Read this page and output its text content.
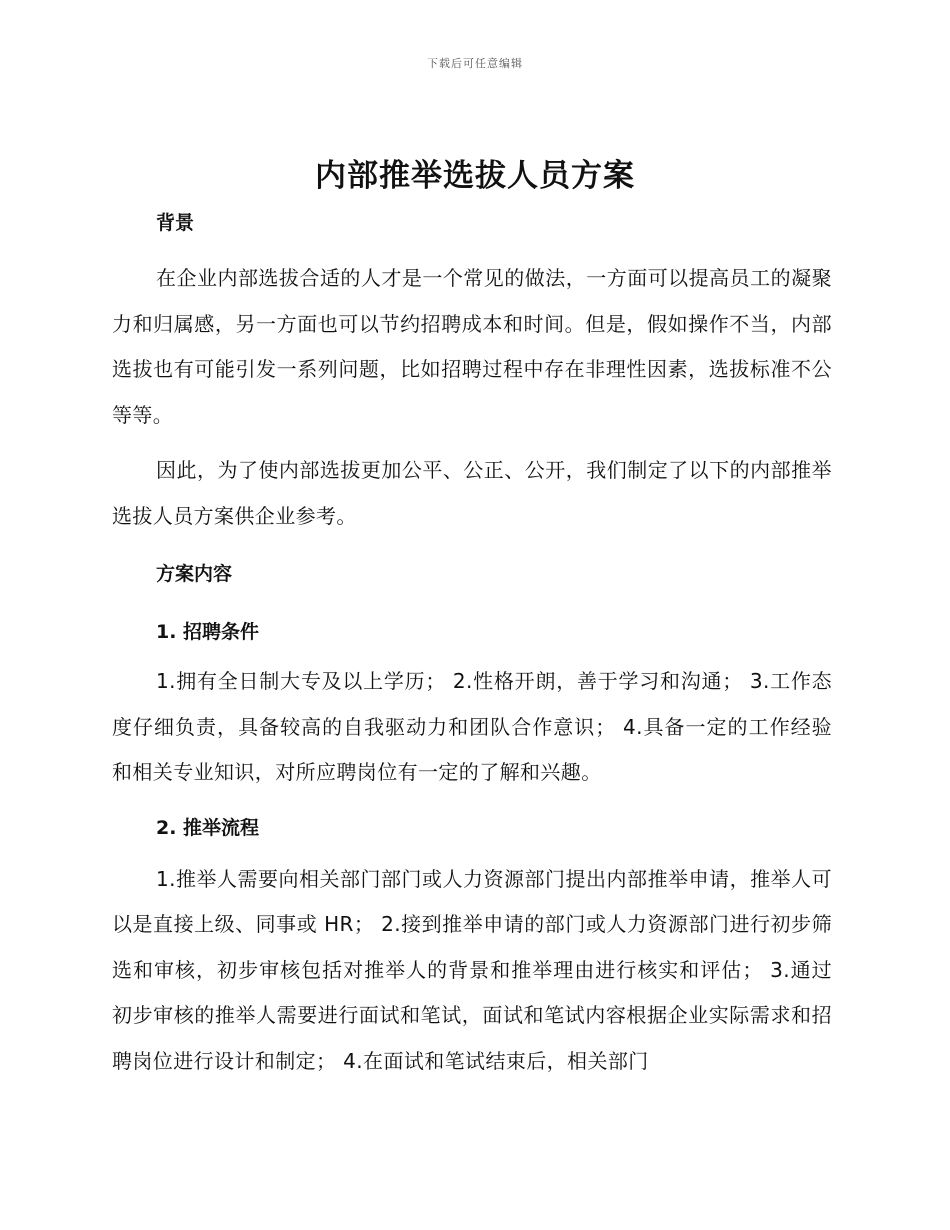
下载后可任意编辑
内部推举选拔人员方案
背景

在企业内部选拔合适的人才是一个常见的做法，一方面可以提高员工的凝聚力和归属感，另一方面也可以节约招聘成本和时间。但是，假如操作不当，内部选拔也有可能引发一系列问题，比如招聘过程中存在非理性因素，选拔标准不公等等。

因此，为了使内部选拔更加公平、公正、公开，我们制定了以下的内部推举选拔人员方案供企业参考。

方案内容
1. 招聘条件

1.拥有全日制大专及以上学历； 2.性格开朗，善于学习和沟通； 3.工作态度仔细负责，具备较高的自我驱动力和团队合作意识； 4.具备一定的工作经验和相关专业知识，对所应聘岗位有一定的了解和兴趣。

2. 推举流程

1.推举人需要向相关部门部门或人力资源部门提出内部推举申请，推举人可以是直接上级、同事或 HR； 2.接到推举申请的部门或人力资源部门进行初步筛选和审核，初步审核包括对推举人的背景和推举理由进行核实和评估； 3.通过初步审核的推举人需要进行面试和笔试，面试和笔试内容根据企业实际需求和招聘岗位进行设计和制定； 4.在面试和笔试结束后，相关部门
